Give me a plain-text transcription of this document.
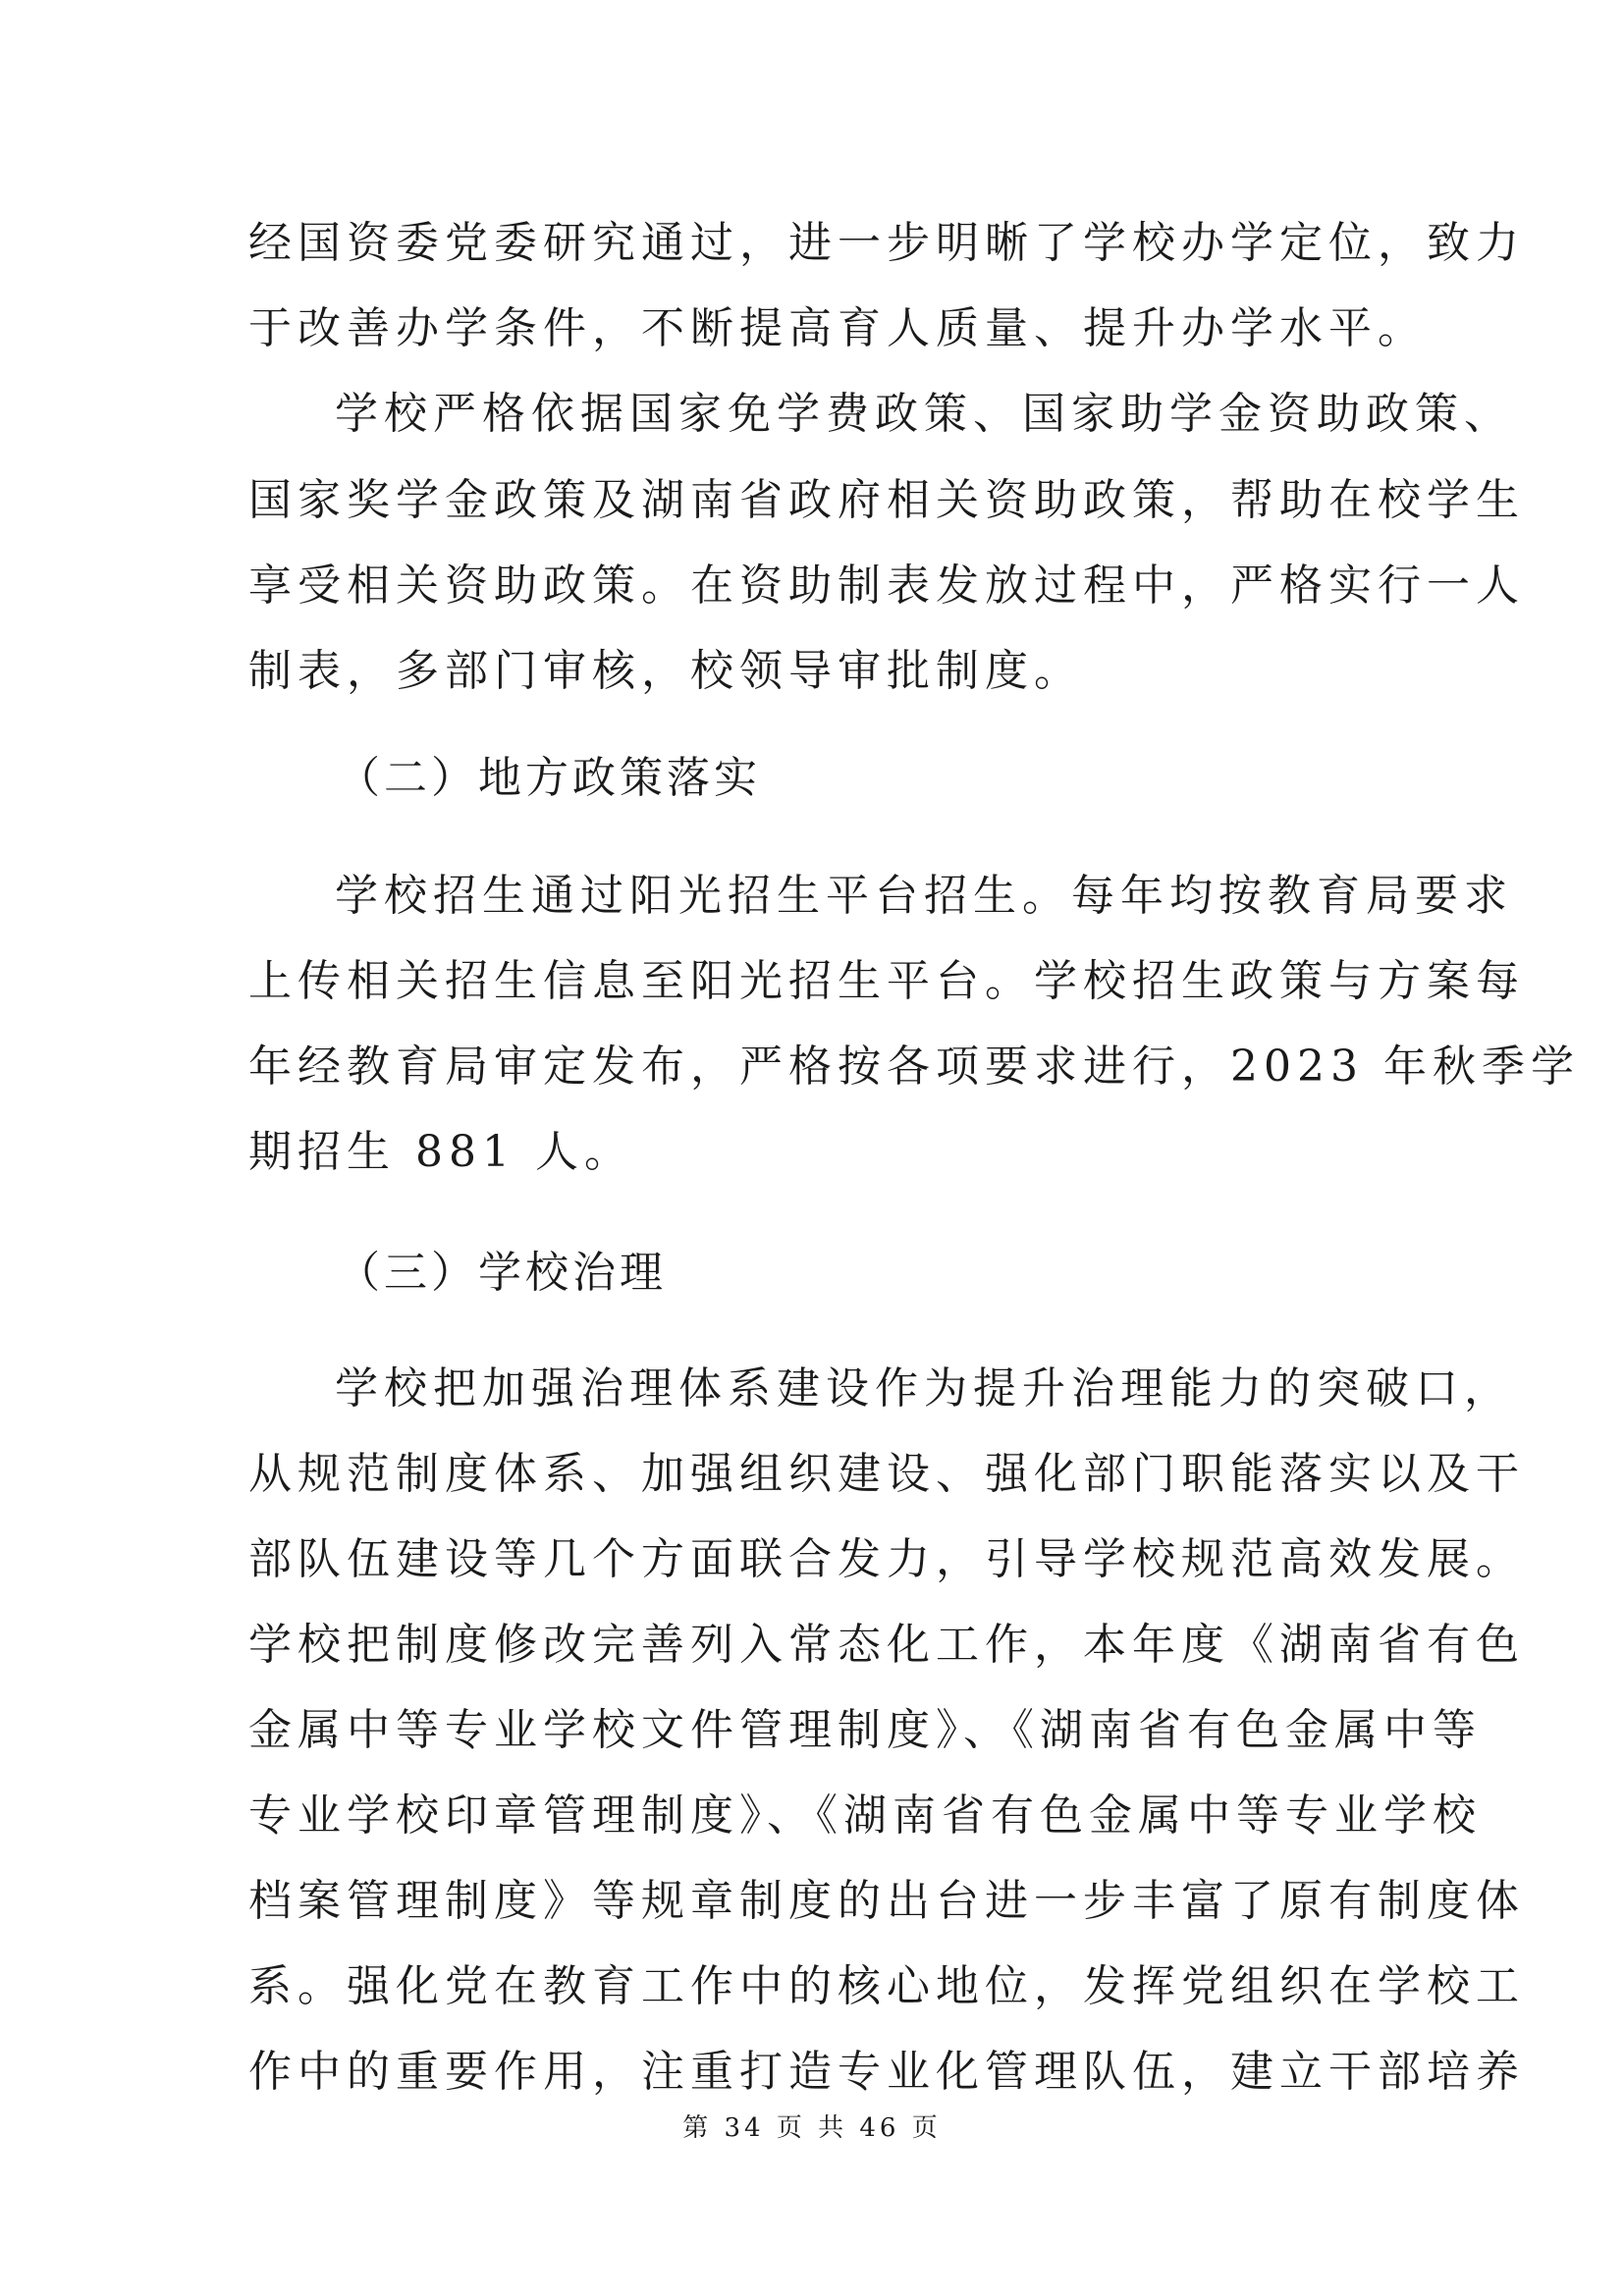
经国资委党委研究通过，进一步明晰了学校办学定位，致力
于改善办学条件，不断提高育人质量、提升办学水平。
学校严格依据国家免学费政策、国家助学金资助政策、
国家奖学金政策及湖南省政府相关资助政策，帮助在校学生
享受相关资助政策。在资助制表发放过程中，严格实行一人
制表，多部门审核，校领导审批制度。
（二）地方政策落实
学校招生通过阳光招生平台招生。每年均按教育局要求
上传相关招生信息至阳光招生平台。学校招生政策与方案每
年经教育局审定发布，严格按各项要求进行，2023 年秋季学
期招生 881 人。
（三）学校治理
学校把加强治理体系建设作为提升治理能力的突破口，
从规范制度体系、加强组织建设、强化部门职能落实以及干
部队伍建设等几个方面联合发力，引导学校规范高效发展。
学校把制度修改完善列入常态化工作，本年度《湖南省有色
金属中等专业学校文件管理制度》、《湖南省有色金属中等
专业学校印章管理制度》、《湖南省有色金属中等专业学校
档案管理制度》等规章制度的出台进一步丰富了原有制度体
系。强化党在教育工作中的核心地位，发挥党组织在学校工
作中的重要作用，注重打造专业化管理队伍，建立干部培养
第 34 页 共 46 页
